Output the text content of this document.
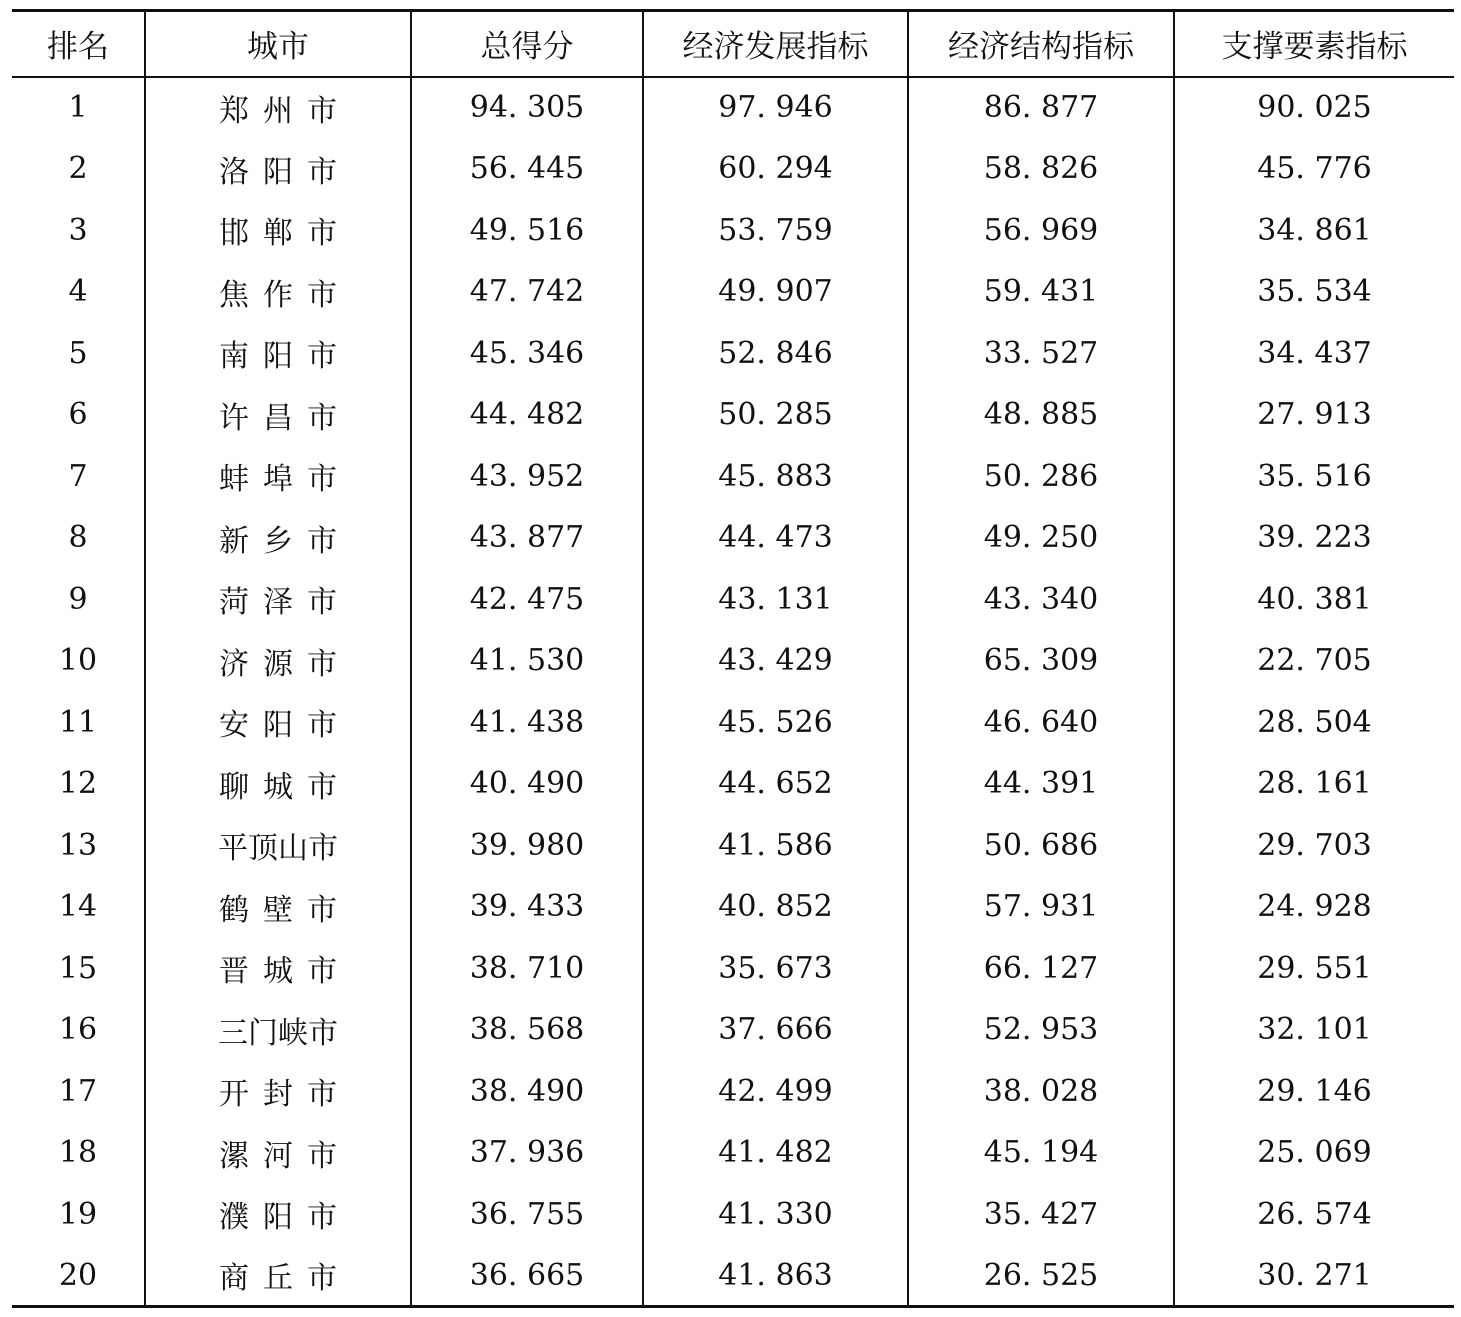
排名	城市	总得分	经济发展指标	经济结构指标	支撑要素指标
1	郑州市	94. 305	97. 946	86. 877	90. 025
2	洛阳市	56. 445	60. 294	58. 826	45. 776
3	邯郸市	49. 516	53. 759	56. 969	34. 861
4	焦作市	47. 742	49. 907	59. 431	35. 534
5	南阳市	45. 346	52. 846	33. 527	34. 437
6	许昌市	44. 482	50. 285	48. 885	27. 913
7	蚌埠市	43. 952	45. 883	50. 286	35. 516
8	新乡市	43. 877	44. 473	49. 250	39. 223
9	菏泽市	42. 475	43. 131	43. 340	40. 381
10	济源市	41. 530	43. 429	65. 309	22. 705
11	安阳市	41. 438	45. 526	46. 640	28. 504
12	聊城市	40. 490	44. 652	44. 391	28. 161
13	平顶山市	39. 980	41. 586	50. 686	29. 703
14	鹤壁市	39. 433	40. 852	57. 931	24. 928
15	晋城市	38. 710	35. 673	66. 127	29. 551
16	三门峡市	38. 568	37. 666	52. 953	32. 101
17	开封市	38. 490	42. 499	38. 028	29. 146
18	漯河市	37. 936	41. 482	45. 194	25. 069
19	濮阳市	36. 755	41. 330	35. 427	26. 574
20	商丘市	36. 665	41. 863	26. 525	30. 271
